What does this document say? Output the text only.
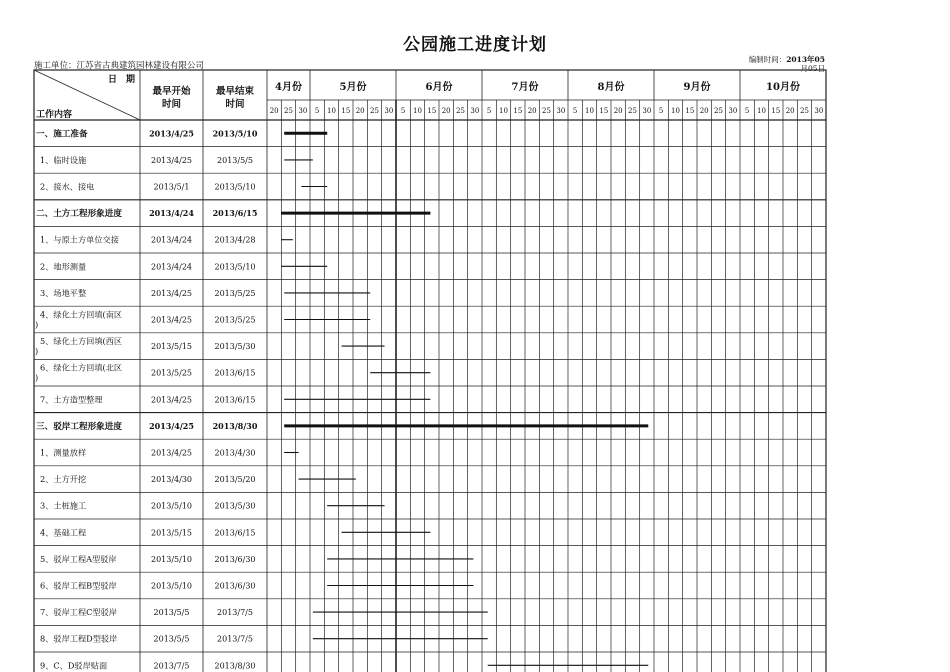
公园施工进度计划
施工单位：江苏省古典建筑园林建设有限公司
编制时间：2013年05
月05日
日　期
工作内容
最早开始
时间
最早结束
时间
4月份
20 25 30
5月份
5 10 15 20 25 30
6月份
5 10 15 20 25 30
7月份
5 10 15 20 25 30
8月份
5 10 15 20 25 30
9月份
5 10 15 20 25 30
10月份
5 10 15 20 25 30
一、施工准备	2013/4/25 2013/5/10
1、临时设施	2013/4/25	2013/5/5
2、接水、接电	2013/5/1	2013/5/10
二、土方工程形象进度	2013/4/24 2013/6/15
1、与原土方单位交接	2013/4/24	2013/4/28
2、地形测量	2013/4/24	2013/5/10
3、场地平整	2013/4/25	2013/5/25
4、绿化土方回填(南区
)	2013/4/25	2013/5/25
5、绿化土方回填(西区
)	2013/5/15	2013/5/30
6、绿化土方回填(北区
)	2013/5/25	2013/6/15
7、土方造型整理	2013/4/25	2013/6/15
三、驳岸工程形象进度	2013/4/25 2013/8/30
1、测量放样	2013/4/25	2013/4/30
2、土方开挖	2013/4/30	2013/5/20
3、土桩施工	2013/5/10	2013/5/30
4、基础工程	2013/5/15	2013/6/15
5、驳岸工程A型驳岸	2013/5/10	2013/6/30
6、驳岸工程B型驳岸	2013/5/10	2013/6/30
7、驳岸工程C型驳岸	2013/5/5	2013/7/5
8、驳岸工程D型驳岸	2013/5/5	2013/7/5
9、C、D驳岸贴面	2013/7/5	2013/8/30
